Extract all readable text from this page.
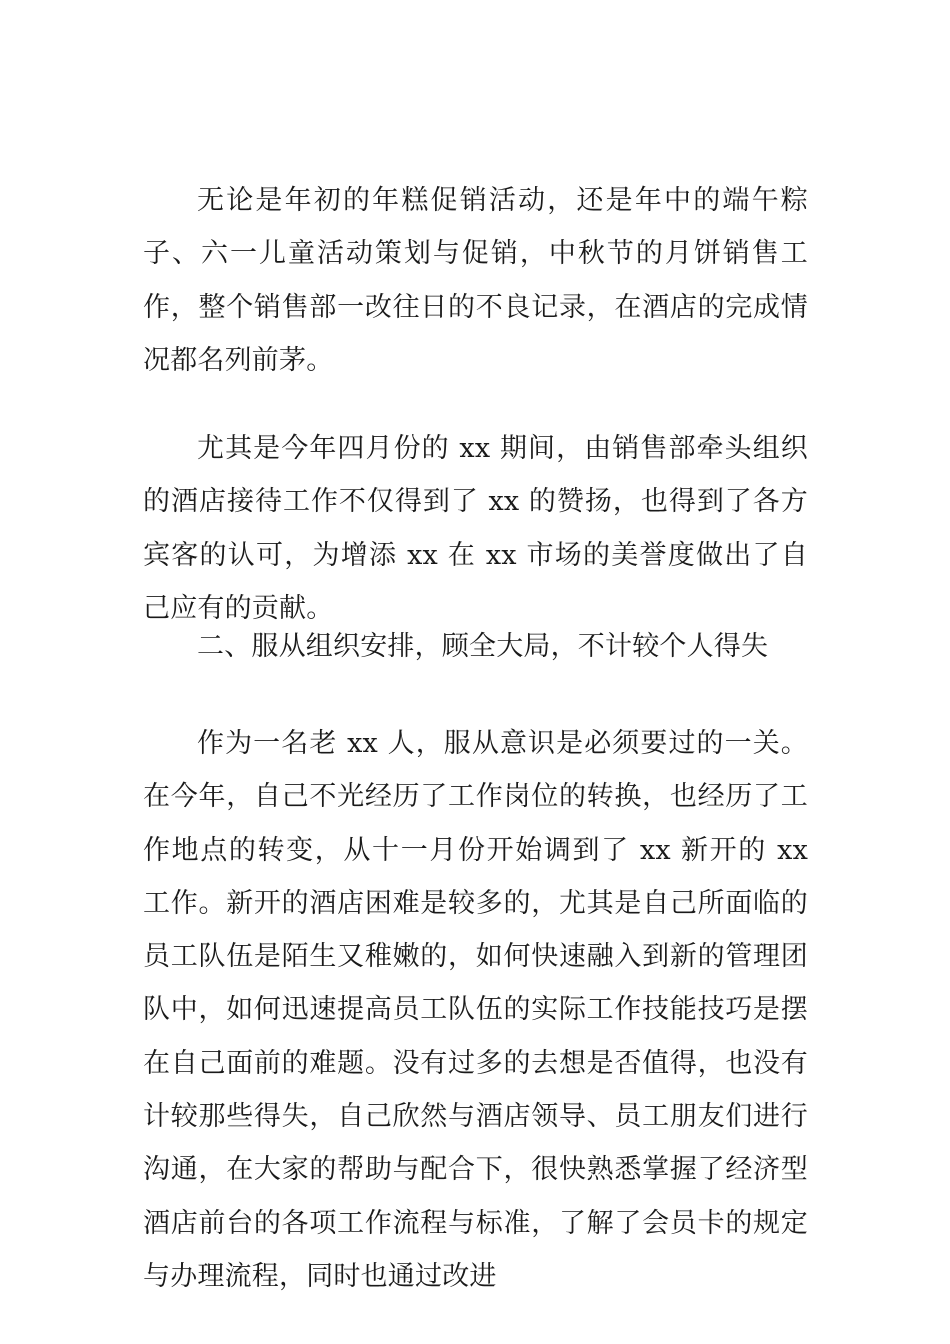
无论是年初的年糕促销活动，还是年中的端午粽子、六一儿童活动策划与促销，中秋节的月饼销售工作，整个销售部一改往日的不良记录，在酒店的完成情况都名列前茅。

尤其是今年四月份的 xx 期间，由销售部牵头组织的酒店接待工作不仅得到了 xx 的赞扬，也得到了各方宾客的认可，为增添 xx 在 xx 市场的美誉度做出了自己应有的贡献。

二、服从组织安排，顾全大局，不计较个人得失

作为一名老 xx 人，服从意识是必须要过的一关。在今年，自己不光经历了工作岗位的转换，也经历了工作地点的转变，从十一月份开始调到了 xx 新开的 xx 工作。新开的酒店困难是较多的，尤其是自己所面临的员工队伍是陌生又稚嫩的，如何快速融入到新的管理团队中，如何迅速提高员工队伍的实际工作技能技巧是摆在自己面前的难题。没有过多的去想是否值得，也没有计较那些得失，自己欣然与酒店领导、员工朋友们进行沟通，在大家的帮助与配合下，很快熟悉掌握了经济型酒店前台的各项工作流程与标准，了解了会员卡的规定与办理流程，同时也通过改进
